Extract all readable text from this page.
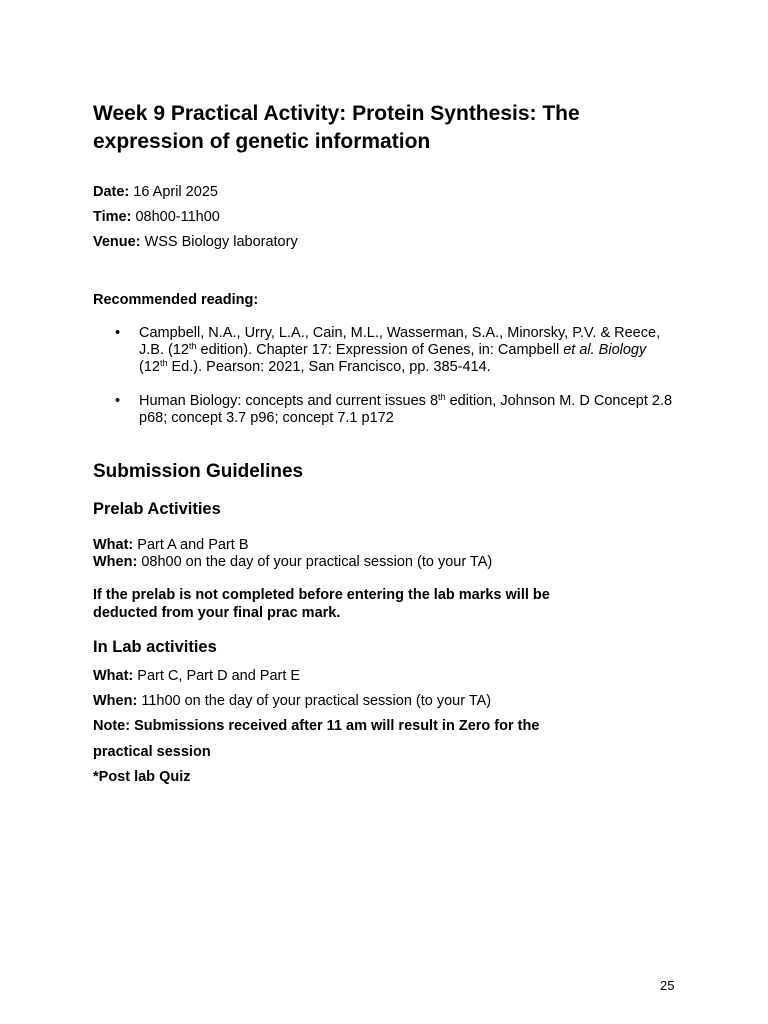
Week 9 Practical Activity: Protein Synthesis: The expression of genetic information
Date: 16 April 2025
Time: 08h00-11h00
Venue: WSS Biology laboratory
Recommended reading:
• Campbell, N.A., Urry, L.A., Cain, M.L., Wasserman, S.A., Minorsky, P.V. & Reece, J.B. (12th edition). Chapter 17: Expression of Genes, in: Campbell et al. Biology (12th Ed.). Pearson: 2021, San Francisco, pp. 385-414.
• Human Biology: concepts and current issues 8th edition, Johnson M. D Concept 2.8 p68; concept 3.7 p96; concept 7.1 p172
Submission Guidelines
Prelab Activities
What: Part A and Part B
When: 08h00 on the day of your practical session (to your TA)
If the prelab is not completed before entering the lab marks will be deducted from your final prac mark.
In Lab activities
What: Part C, Part D and Part E
When: 11h00 on the day of your practical session (to your TA)
Note: Submissions received after 11 am will result in Zero for the
practical session
*Post lab Quiz
25
